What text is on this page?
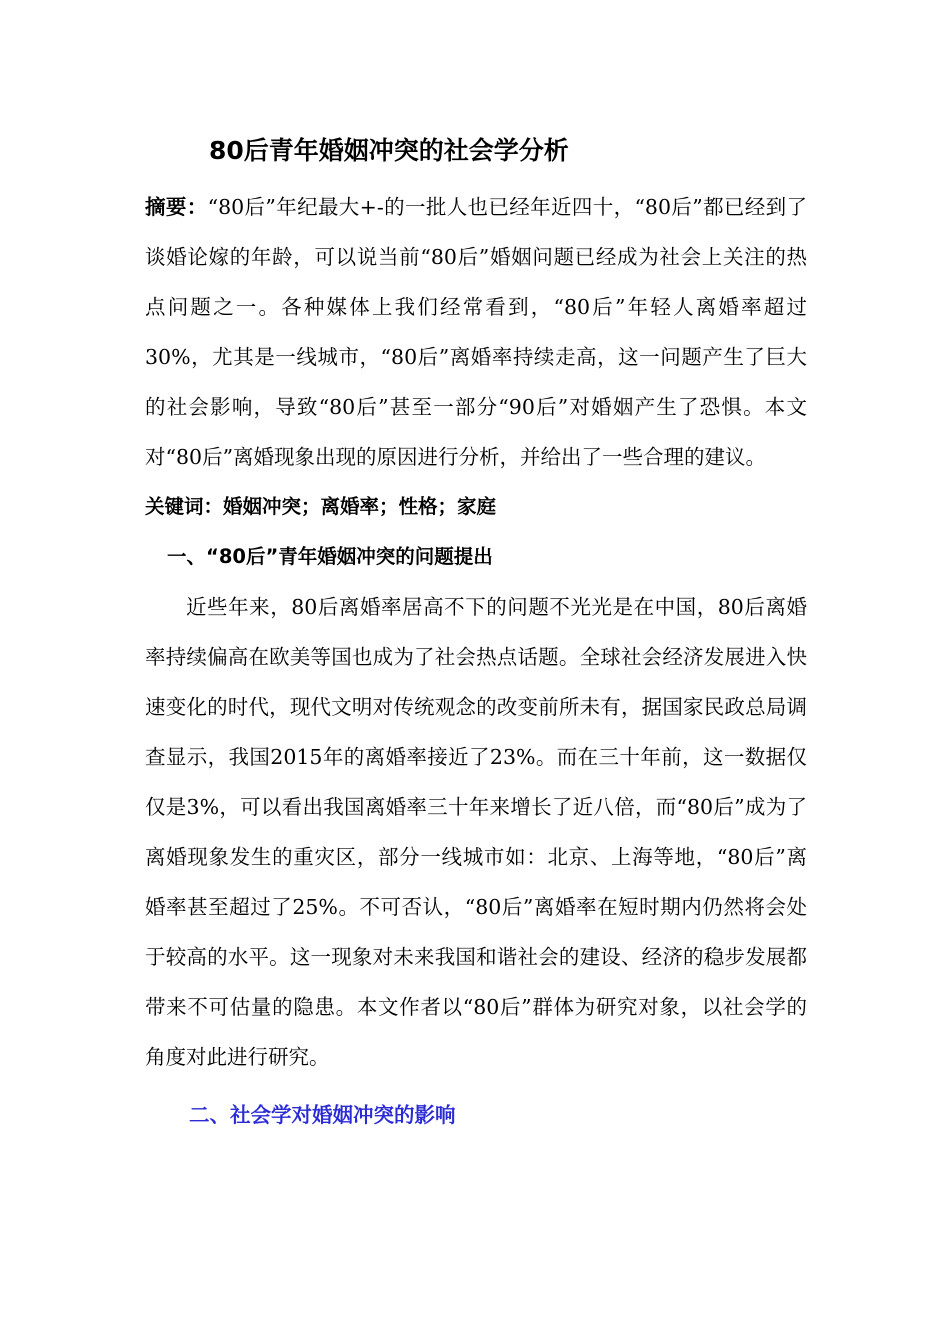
80后青年婚姻冲突的社会学分析

摘要：“80后”年纪最大+-的一批人也已经年近四十，“80后”都已经到了谈婚论嫁的年龄，可以说当前“80后”婚姻问题已经成为社会上关注的热点问题之一。各种媒体上我们经常看到，“80后”年轻人离婚率超过30%，尤其是一线城市，“80后”离婚率持续走高，这一问题产生了巨大的社会影响，导致“80后”甚至一部分“90后”对婚姻产生了恐惧。本文对“80后”离婚现象出现的原因进行分析，并给出了一些合理的建议。

关键词：婚姻冲突；离婚率；性格；家庭

一、“80后”青年婚姻冲突的问题提出

近些年来，80后离婚率居高不下的问题不光光是在中国，80后离婚率持续偏高在欧美等国也成为了社会热点话题。全球社会经济发展进入快速变化的时代，现代文明对传统观念的改变前所未有，据国家民政总局调查显示，我国2015年的离婚率接近了23%。而在三十年前，这一数据仅仅是3%，可以看出我国离婚率三十年来增长了近八倍，而“80后”成为了离婚现象发生的重灾区，部分一线城市如：北京、上海等地，“80后”离婚率甚至超过了25%。不可否认，“80后”离婚率在短时期内仍然将会处于较高的水平。这一现象对未来我国和谐社会的建设、经济的稳步发展都带来不可估量的隐患。本文作者以“80后”群体为研究对象，以社会学的角度对此进行研究。

二、社会学对婚姻冲突的影响
